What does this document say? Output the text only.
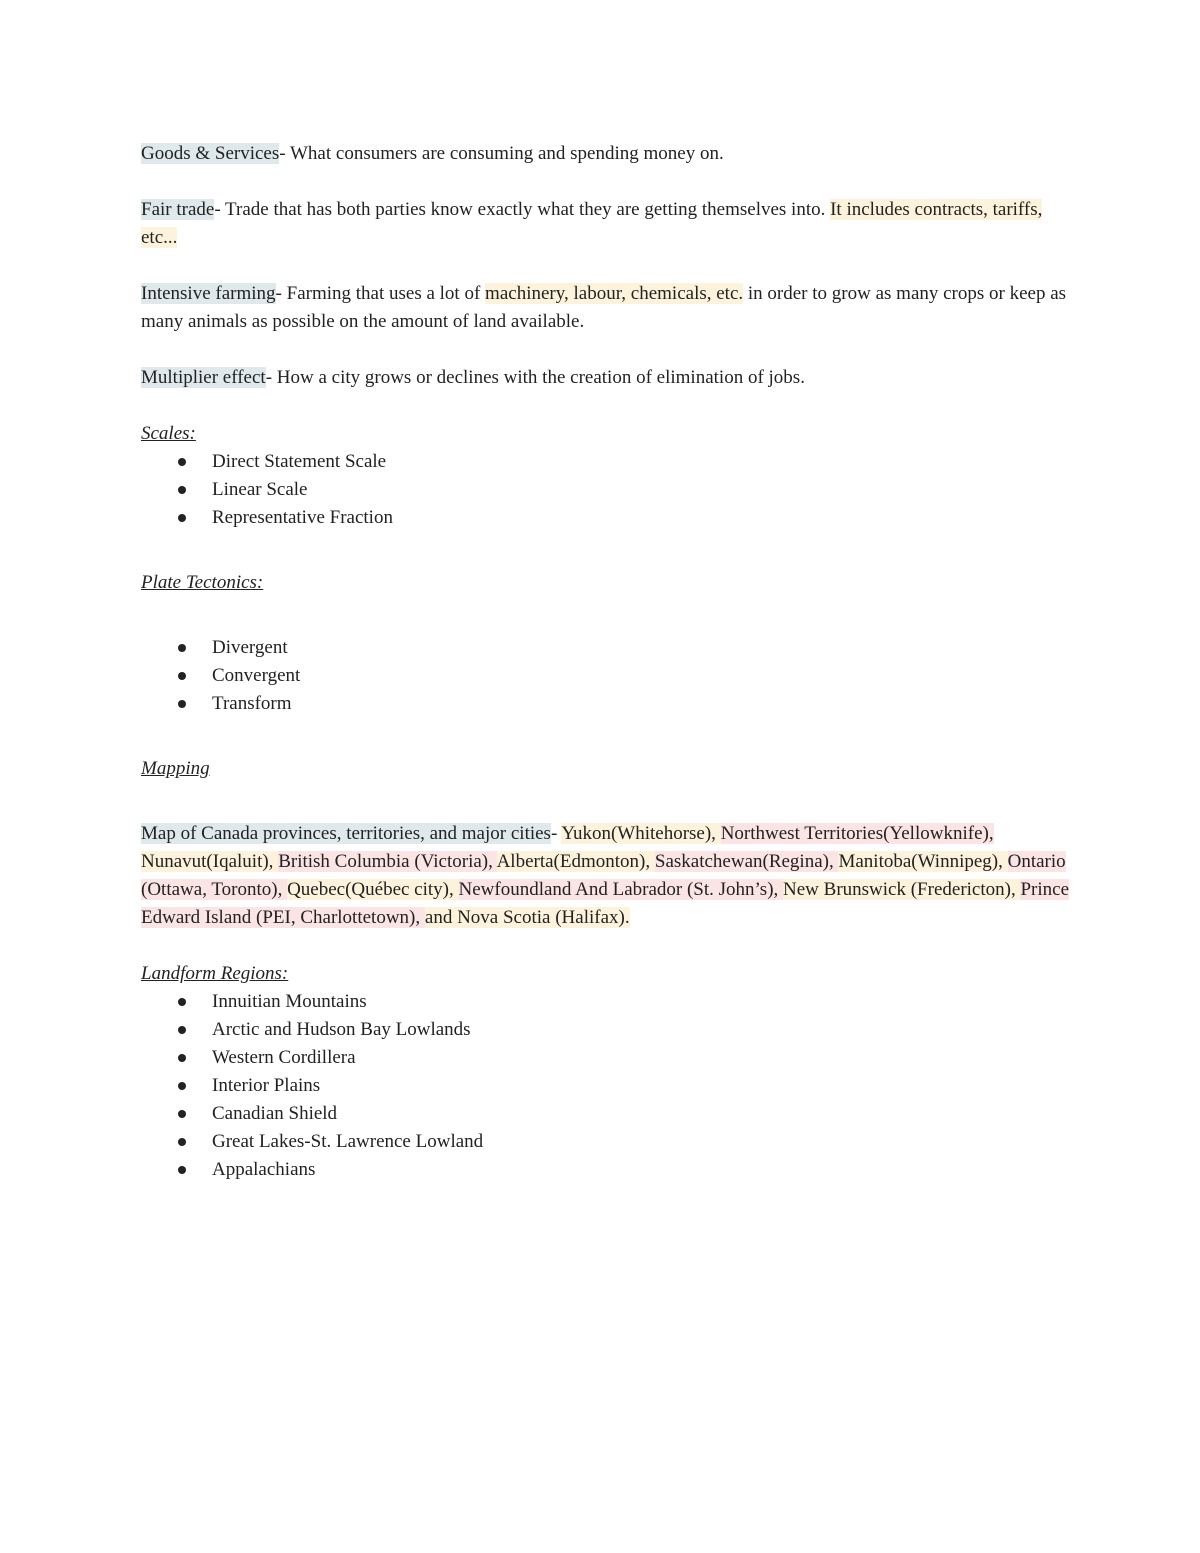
Goods & Services- What consumers are consuming and spending money on.

Fair trade- Trade that has both parties know exactly what they are getting themselves into. It includes contracts, tariffs, etc...

Intensive farming- Farming that uses a lot of machinery, labour, chemicals, etc. in order to grow as many crops or keep as many animals as possible on the amount of land available.

Multiplier effect- How a city grows or declines with the creation of elimination of jobs.

Scales:

Direct Statement Scale
Linear Scale
Representative Fraction

Plate Tectonics:

Divergent
Convergent
Transform

Mapping

Map of Canada provinces, territories, and major cities- Yukon(Whitehorse), Northwest Territories(Yellowknife), Nunavut(Iqaluit), British Columbia (Victoria), Alberta(Edmonton), Saskatchewan(Regina), Manitoba(Winnipeg), Ontario (Ottawa, Toronto), Quebec(Québec city), Newfoundland And Labrador (St. John’s), New Brunswick (Fredericton), Prince Edward Island (PEI, Charlottetown), and Nova Scotia (Halifax).

Landform Regions:

Innuitian Mountains
Arctic and Hudson Bay Lowlands
Western Cordillera
Interior Plains
Canadian Shield
Great Lakes-St. Lawrence Lowland
Appalachians
